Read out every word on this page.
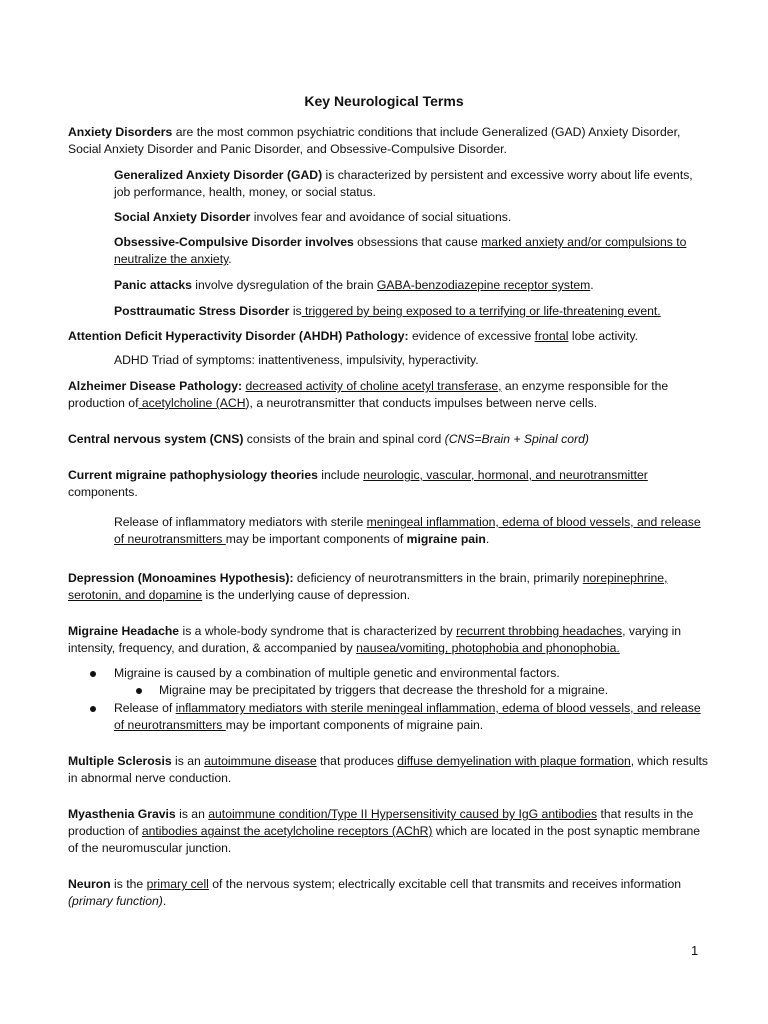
Key Neurological Terms

Anxiety Disorders are the most common psychiatric conditions that include Generalized (GAD) Anxiety Disorder, Social Anxiety Disorder and Panic Disorder, and Obsessive-Compulsive Disorder.

Generalized Anxiety Disorder (GAD) is characterized by persistent and excessive worry about life events, job performance, health, money, or social status.

Social Anxiety Disorder involves fear and avoidance of social situations.

Obsessive-Compulsive Disorder involves obsessions that cause marked anxiety and/or compulsions to neutralize the anxiety.

Panic attacks involve dysregulation of the brain GABA-benzodiazepine receptor system.

Posttraumatic Stress Disorder is triggered by being exposed to a terrifying or life-threatening event.

Attention Deficit Hyperactivity Disorder (AHDH) Pathology: evidence of excessive frontal lobe activity.

ADHD Triad of symptoms: inattentiveness, impulsivity, hyperactivity.

Alzheimer Disease Pathology: decreased activity of choline acetyl transferase, an enzyme responsible for the production of acetylcholine (ACH), a neurotransmitter that conducts impulses between nerve cells.

Central nervous system (CNS) consists of the brain and spinal cord (CNS=Brain + Spinal cord)

Current migraine pathophysiology theories include neurologic, vascular, hormonal, and neurotransmitter components.

Release of inflammatory mediators with sterile meningeal inflammation, edema of blood vessels, and release of neurotransmitters may be important components of migraine pain.

Depression (Monoamines Hypothesis): deficiency of neurotransmitters in the brain, primarily norepinephrine, serotonin, and dopamine is the underlying cause of depression.

Migraine Headache is a whole-body syndrome that is characterized by recurrent throbbing headaches, varying in intensity, frequency, and duration, & accompanied by nausea/vomiting, photophobia and phonophobia.

Migraine is caused by a combination of multiple genetic and environmental factors.

Migraine may be precipitated by triggers that decrease the threshold for a migraine.

Release of inflammatory mediators with sterile meningeal inflammation, edema of blood vessels, and release of neurotransmitters may be important components of migraine pain.

Multiple Sclerosis is an autoimmune disease that produces diffuse demyelination with plaque formation, which results in abnormal nerve conduction.

Myasthenia Gravis is an autoimmune condition/Type II Hypersensitivity caused by IgG antibodies that results in the production of antibodies against the acetylcholine receptors (AChR) which are located in the post synaptic membrane of the neuromuscular junction.

Neuron is the primary cell of the nervous system; electrically excitable cell that transmits and receives information (primary function).

1
